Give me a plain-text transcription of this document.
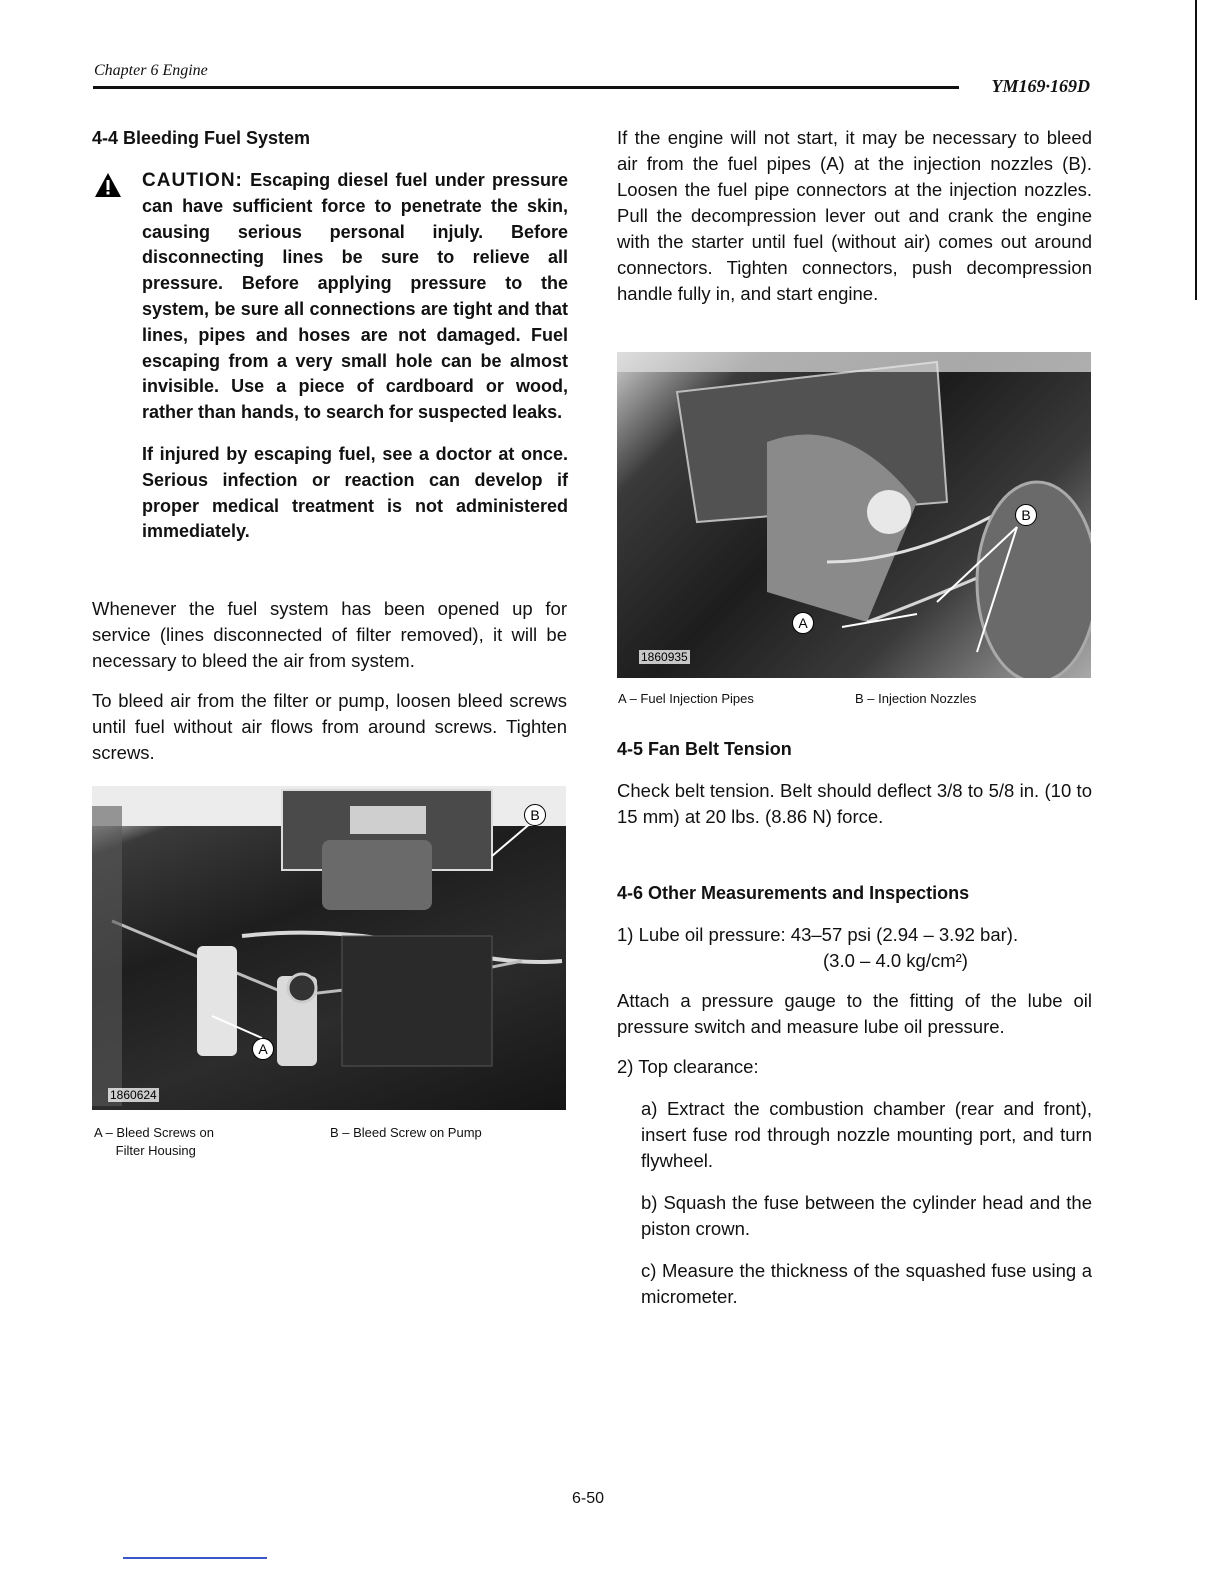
Chapter 6 Engine
YM169·169D
4-4 Bleeding Fuel System
CAUTION: Escaping diesel fuel under pressure can have sufficient force to penetrate the skin, causing serious personal injuly. Before disconnecting lines be sure to relieve all pressure. Before applying pressure to the system, be sure all connections are tight and that lines, pipes and hoses are not damaged. Fuel escaping from a very small hole can be almost invisible. Use a piece of cardboard or wood, rather than hands, to search for suspected leaks.

If injured by escaping fuel, see a doctor at once. Serious infection or reaction can develop if proper medical treatment is not administered immediately.

Whenever the fuel system has been opened up for service (lines disconnected of filter removed), it will be necessary to bleed the air from system.

To bleed air from the filter or pump, loosen bleed screws until fuel without air flows from around screws. Tighten screws.

B
A
1860624
A – Bleed Screws on
Filter Housing
B – Bleed Screw on Pump

If the engine will not start, it may be necessary to bleed air from the fuel pipes (A) at the injection nozzles (B). Loosen the fuel pipe connectors at the injection nozzles. Pull the decompression lever out and crank the engine with the starter until fuel (without air) comes out around connectors. Tighten connectors, push decompression handle fully in, and start engine.

B
A
1860935
A – Fuel Injection Pipes	B – Injection Nozzles
4-5 Fan Belt Tension

Check belt tension. Belt should deflect 3/8 to 5/8 in. (10 to 15 mm) at 20 lbs. (8.86 N) force.

4-6 Other Measurements and Inspections

1) Lube oil pressure: 43–57 psi (2.94 – 3.92 bar).

(3.0 – 4.0 kg/cm²)

Attach a pressure gauge to the fitting of the lube oil pressure switch and measure lube oil pressure.

2) Top clearance:

a) Extract the combustion chamber (rear and front), insert fuse rod through nozzle mounting port, and turn flywheel.

b) Squash the fuse between the cylinder head and the piston crown.

c) Measure the thickness of the squashed fuse using a micrometer.

6-50
